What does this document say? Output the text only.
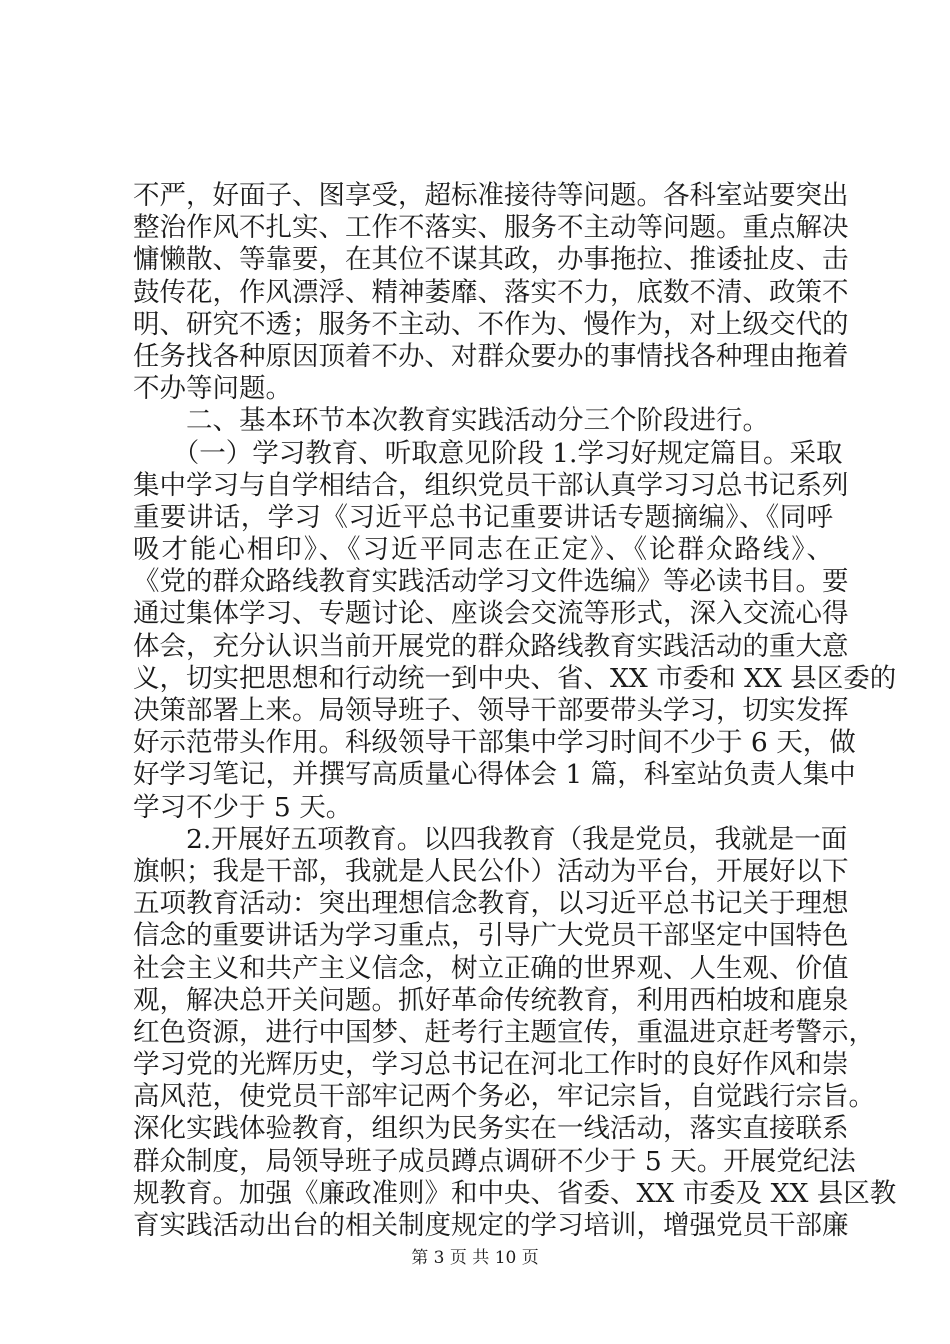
不严，好面子、图享受，超标准接待等问题。各科室站要突出
整治作风不扎实、工作不落实、服务不主动等问题。重点解决
慵懒散、等靠要，在其位不谋其政，办事拖拉、推诿扯皮、击
鼓传花，作风漂浮、精神萎靡、落实不力，底数不清、政策不
明、研究不透；服务不主动、不作为、慢作为，对上级交代的
任务找各种原因顶着不办、对群众要办的事情找各种理由拖着
不办等问题。
　　二、基本环节本次教育实践活动分三个阶段进行。
　　（一）学习教育、听取意见阶段 1.学习好规定篇目。采取
集中学习与自学相结合，组织党员干部认真学习习总书记系列
重要讲话，学习《习近平总书记重要讲话专题摘编》、《同呼
吸才能心相印》、《习近平同志在正定》、《论群众路线》、
《党的群众路线教育实践活动学习文件选编》等必读书目。要
通过集体学习、专题讨论、座谈会交流等形式，深入交流心得
体会，充分认识当前开展党的群众路线教育实践活动的重大意
义，切实把思想和行动统一到中央、省、XX 市委和 XX 县区委的
决策部署上来。局领导班子、领导干部要带头学习，切实发挥
好示范带头作用。科级领导干部集中学习时间不少于 6 天，做
好学习笔记，并撰写高质量心得体会 1 篇，科室站负责人集中
学习不少于 5 天。
　　2.开展好五项教育。以四我教育（我是党员，我就是一面
旗帜；我是干部，我就是人民公仆）活动为平台，开展好以下
五项教育活动：突出理想信念教育，以习近平总书记关于理想
信念的重要讲话为学习重点，引导广大党员干部坚定中国特色
社会主义和共产主义信念，树立正确的世界观、人生观、价值
观，解决总开关问题。抓好革命传统教育，利用西柏坡和鹿泉
红色资源，进行中国梦、赶考行主题宣传，重温进京赶考警示，
学习党的光辉历史，学习总书记在河北工作时的良好作风和崇
高风范，使党员干部牢记两个务必，牢记宗旨，自觉践行宗旨。
深化实践体验教育，组织为民务实在一线活动，落实直接联系
群众制度，局领导班子成员蹲点调研不少于 5 天。开展党纪法
规教育。加强《廉政准则》和中央、省委、XX 市委及 XX 县区教
育实践活动出台的相关制度规定的学习培训，增强党员干部廉
第 3 页 共 10 页
